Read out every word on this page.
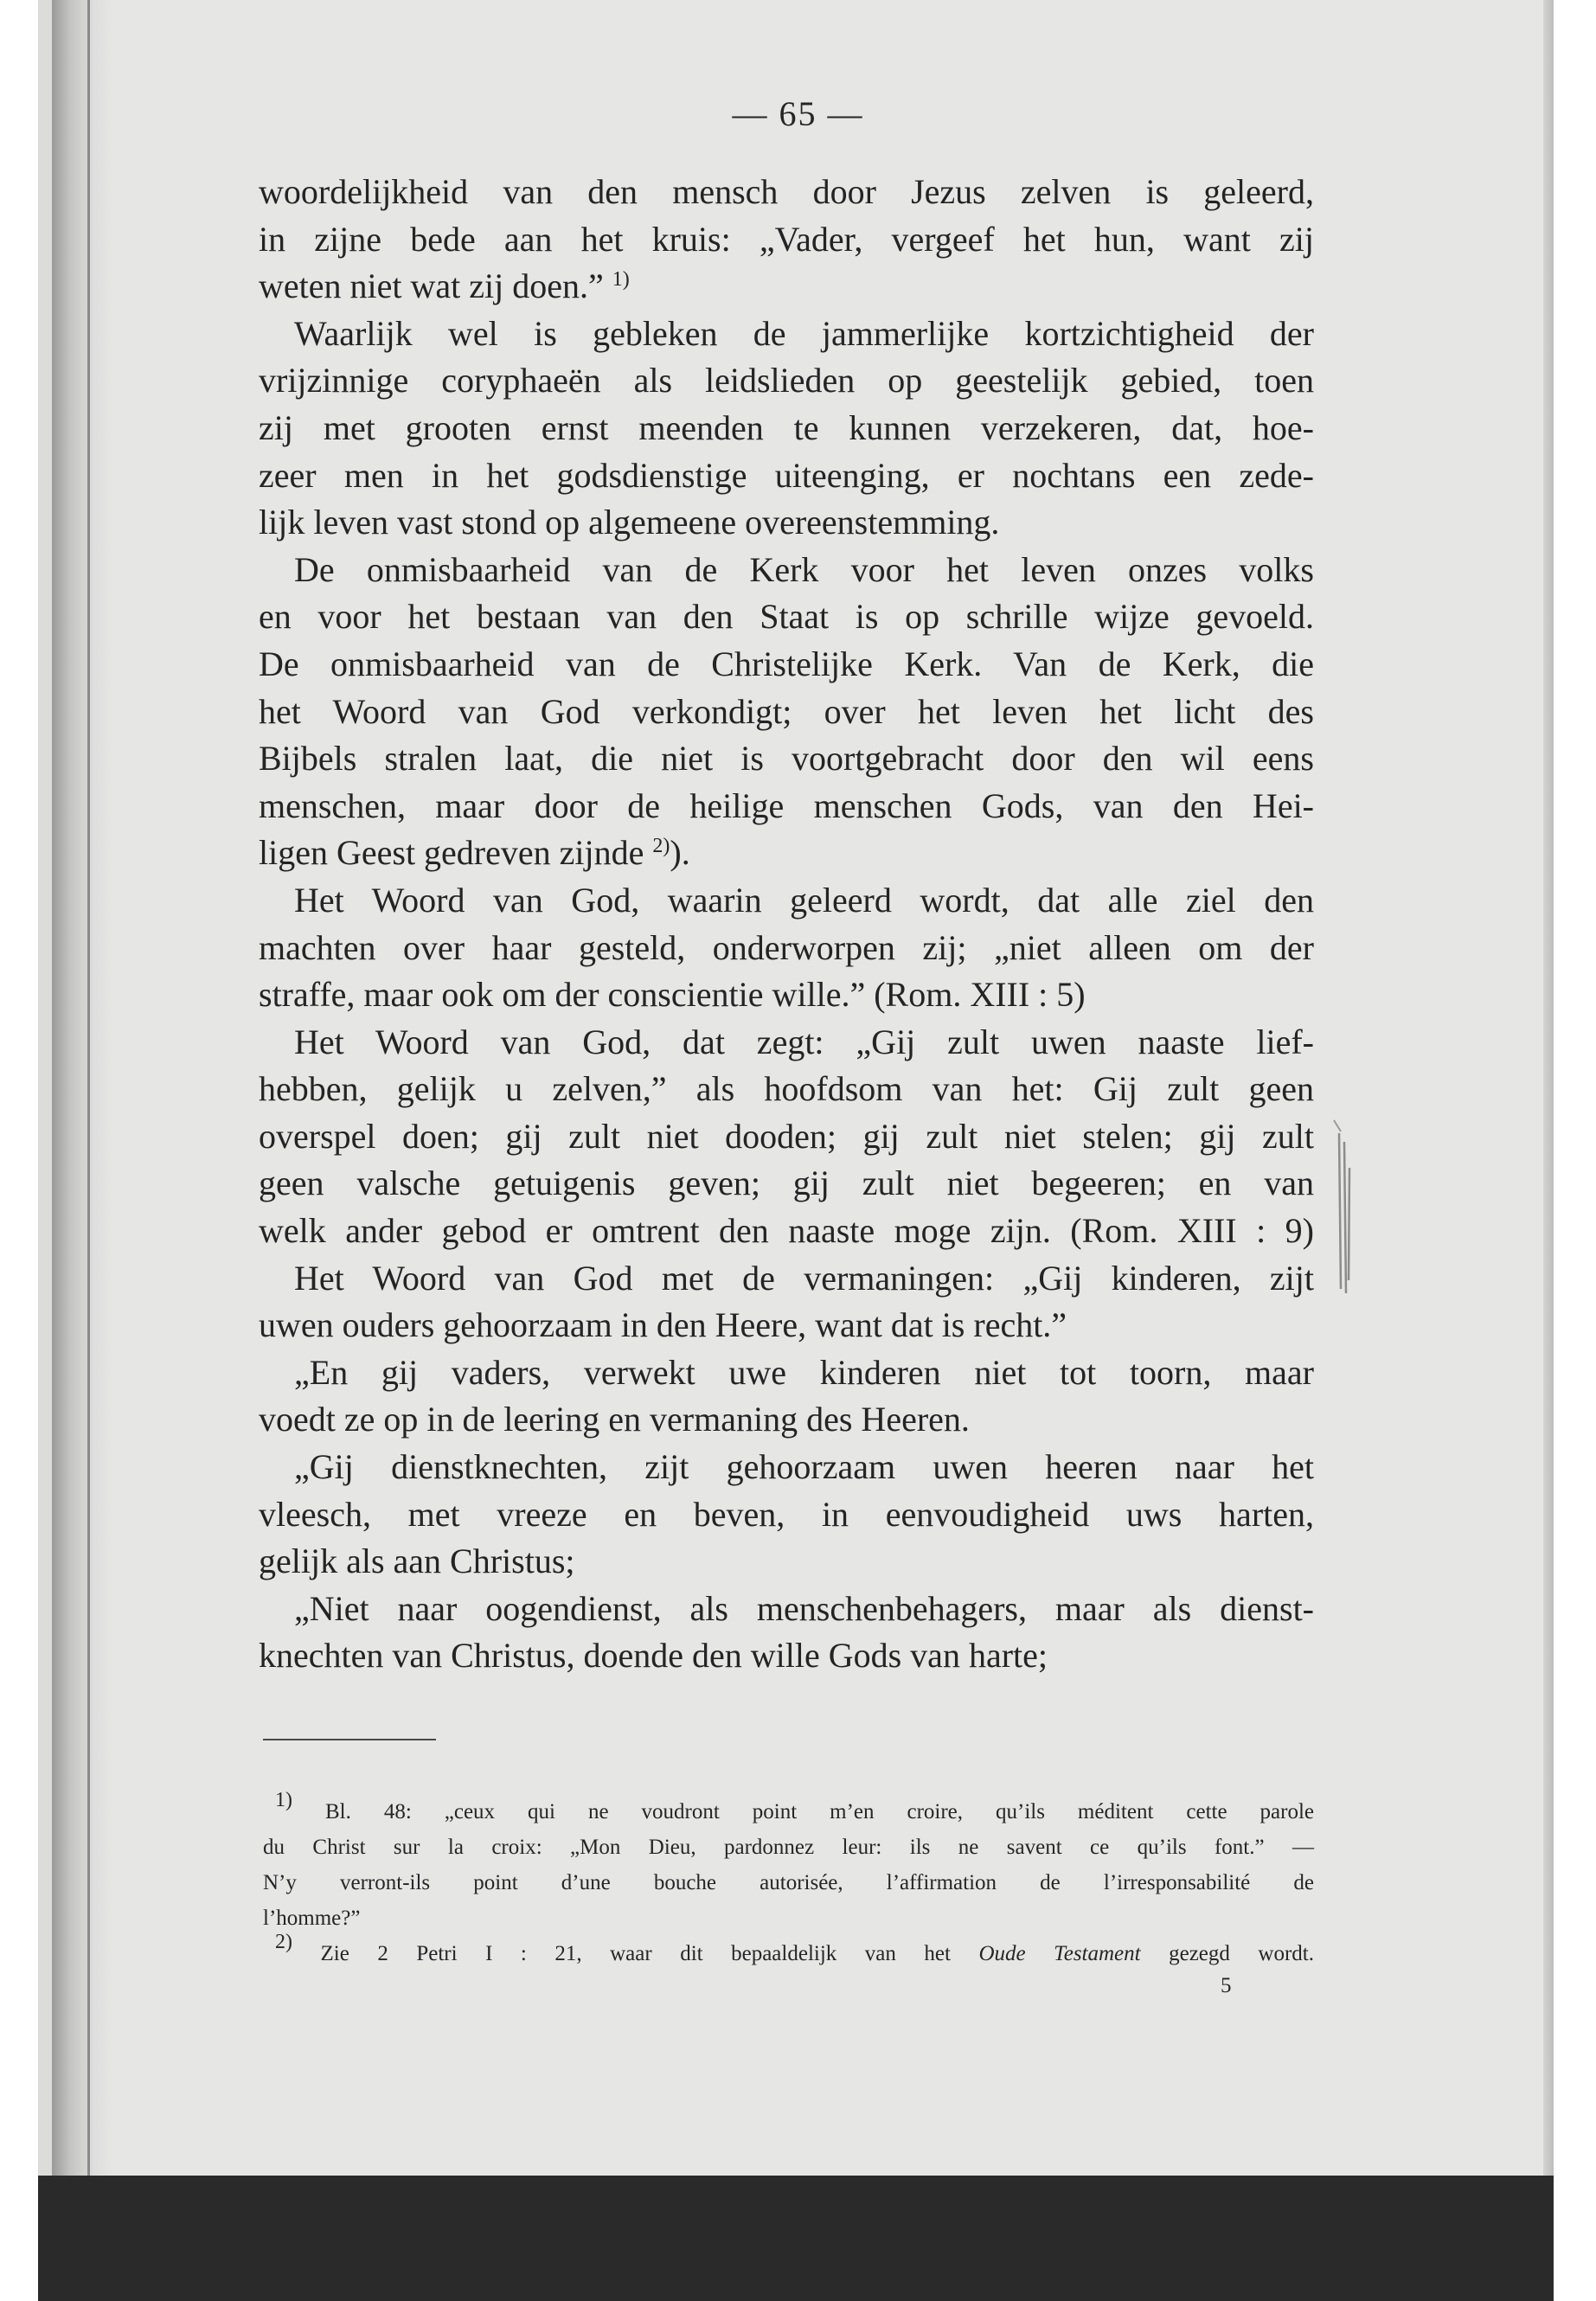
— 65 —
woordelijkheid van den mensch door Jezus zelven is geleerd,
in zijne bede aan het kruis: „Vader, vergeef het hun, want zij
weten niet wat zij doen.” $^{1)}$
Waarlijk wel is gebleken de jammerlijke kortzichtigheid der
vrijzinnige coryphaeën als leidslieden op geestelijk gebied, toen
zij met grooten ernst meenden te kunnen verzekeren, dat, hoe-
zeer men in het godsdienstige uiteenging, er nochtans een zede-
lijk leven vast stond op algemeene overeenstemming.
De onmisbaarheid van de Kerk voor het leven onzes volks
en voor het bestaan van den Staat is op schrille wijze gevoeld.
De onmisbaarheid van de Christelijke Kerk. Van de Kerk, die
het Woord van God verkondigt; over het leven het licht des
Bijbels stralen laat, die niet is voortgebracht door den wil eens
menschen, maar door de heilige menschen Gods, van den Hei-
ligen Geest gedreven zijnde $^{2)}$).
Het Woord van God, waarin geleerd wordt, dat alle ziel den
machten over haar gesteld, onderworpen zij; „niet alleen om der
straffe, maar ook om der conscientie wille.” (Rom. XIII : 5)
Het Woord van God, dat zegt: „Gij zult uwen naaste lief-
hebben, gelijk u zelven,” als hoofdsom van het: Gij zult geen
overspel doen; gij zult niet dooden; gij zult niet stelen; gij zult
geen valsche getuigenis geven; gij zult niet begeeren; en van
welk ander gebod er omtrent den naaste moge zijn. (Rom. XIII : 9)
Het Woord van God met de vermaningen: „Gij kinderen, zijt
uwen ouders gehoorzaam in den Heere, want dat is recht.”
„En gij vaders, verwekt uwe kinderen niet tot toorn, maar
voedt ze op in de leering en vermaning des Heeren.
„Gij dienstknechten, zijt gehoorzaam uwen heeren naar het
vleesch, met vreeze en beven, in eenvoudigheid uws harten,
gelijk als aan Christus;
„Niet naar oogendienst, als menschenbehagers, maar als dienst-
knechten van Christus, doende den wille Gods van harte;
$^{1)}$ Bl. 48: „ceux qui ne voudront point m’en croire, qu’ils méditent cette parole
du Christ sur la croix: „Mon Dieu, pardonnez leur: ils ne savent ce qu’ils font.” —
N’y verront-ils point d’une bouche autorisée, l’affirmation de l’irresponsabilité de
l’homme?”
$^{2)}$ Zie 2 Petri I : 21, waar dit bepaaldelijk van het Oude Testament gezegd wordt.
5
